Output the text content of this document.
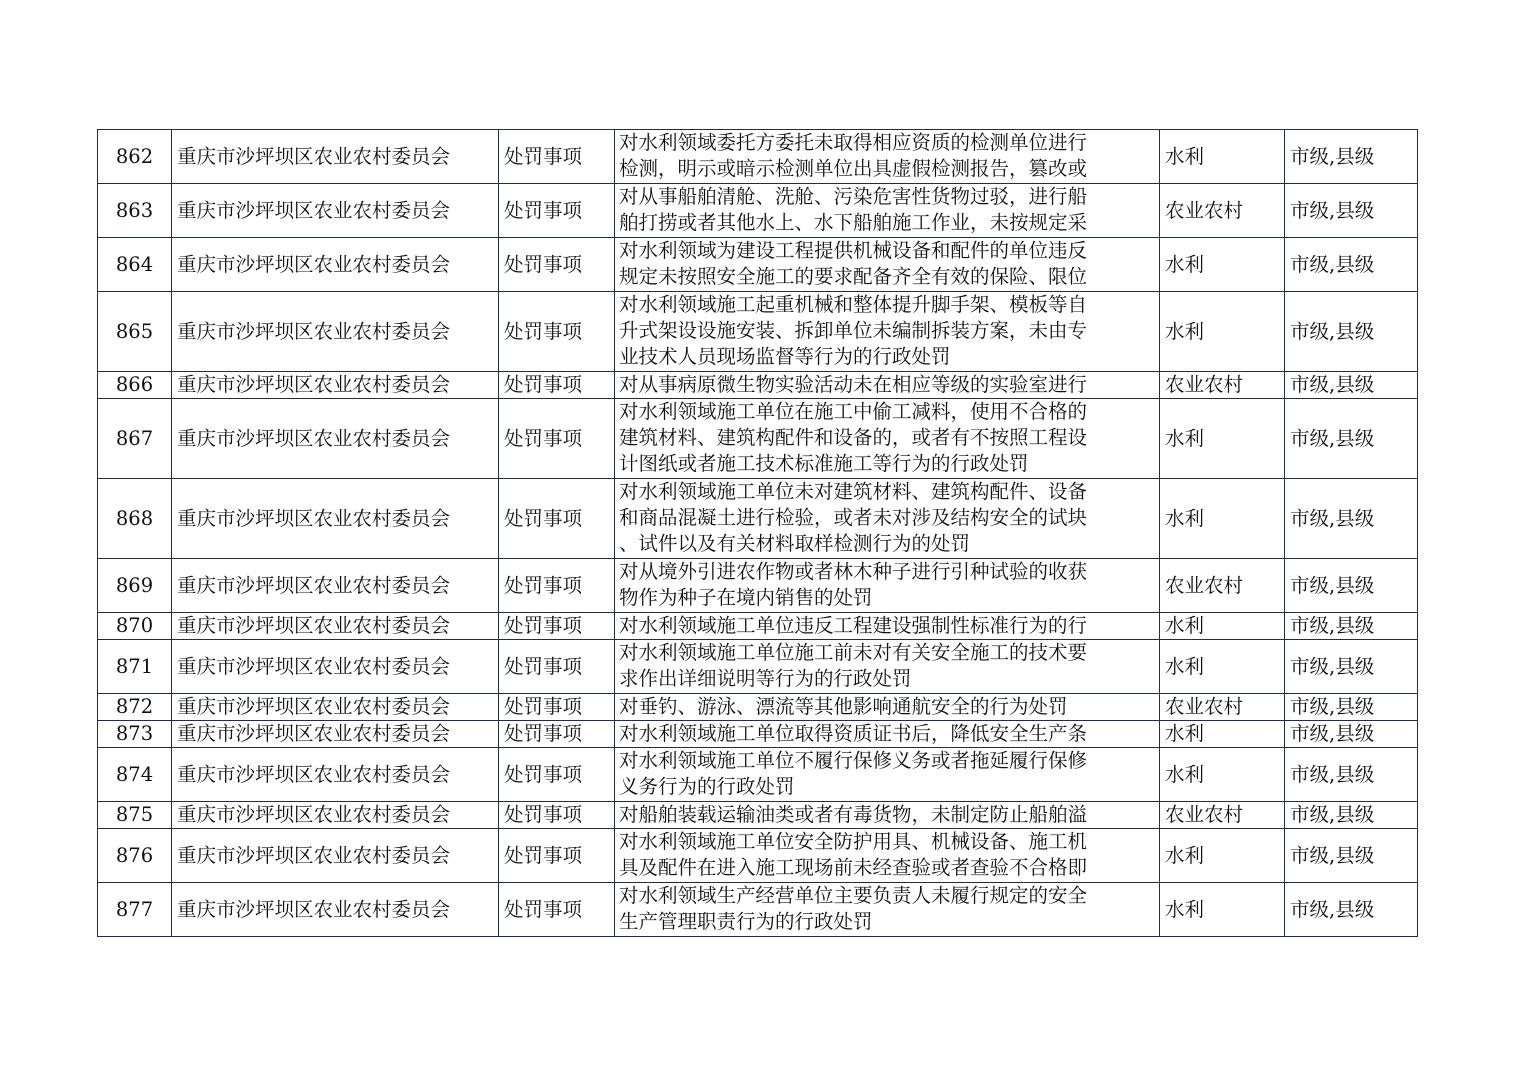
862	重庆市沙坪坝区农业农村委员会	处罚事项	对水利领域委托方委托未取得相应资质的检测单位进行
检测，明示或暗示检测单位出具虚假检测报告，篡改或	水利	市级,县级
863	重庆市沙坪坝区农业农村委员会	处罚事项	对从事船舶清舱、洗舱、污染危害性货物过驳，进行船
舶打捞或者其他水上、水下船舶施工作业，未按规定采	农业农村	市级,县级
864	重庆市沙坪坝区农业农村委员会	处罚事项	对水利领域为建设工程提供机械设备和配件的单位违反
规定未按照安全施工的要求配备齐全有效的保险、限位	水利	市级,县级
865	重庆市沙坪坝区农业农村委员会	处罚事项	对水利领域施工起重机械和整体提升脚手架、模板等自
升式架设设施安装、拆卸单位未编制拆装方案，未由专
业技术人员现场监督等行为的行政处罚	水利	市级,县级
866	重庆市沙坪坝区农业农村委员会	处罚事项	对从事病原微生物实验活动未在相应等级的实验室进行	农业农村	市级,县级
867	重庆市沙坪坝区农业农村委员会	处罚事项	对水利领域施工单位在施工中偷工减料，使用不合格的
建筑材料、建筑构配件和设备的，或者有不按照工程设
计图纸或者施工技术标准施工等行为的行政处罚	水利	市级,县级
868	重庆市沙坪坝区农业农村委员会	处罚事项	对水利领域施工单位未对建筑材料、建筑构配件、设备
和商品混凝土进行检验，或者未对涉及结构安全的试块
、试件以及有关材料取样检测行为的处罚	水利	市级,县级
869	重庆市沙坪坝区农业农村委员会	处罚事项	对从境外引进农作物或者林木种子进行引种试验的收获
物作为种子在境内销售的处罚	农业农村	市级,县级
870	重庆市沙坪坝区农业农村委员会	处罚事项	对水利领域施工单位违反工程建设强制性标准行为的行	水利	市级,县级
871	重庆市沙坪坝区农业农村委员会	处罚事项	对水利领域施工单位施工前未对有关安全施工的技术要
求作出详细说明等行为的行政处罚	水利	市级,县级
872	重庆市沙坪坝区农业农村委员会	处罚事项	对垂钓、游泳、漂流等其他影响通航安全的行为处罚	农业农村	市级,县级
873	重庆市沙坪坝区农业农村委员会	处罚事项	对水利领域施工单位取得资质证书后，降低安全生产条	水利	市级,县级
874	重庆市沙坪坝区农业农村委员会	处罚事项	对水利领域施工单位不履行保修义务或者拖延履行保修
义务行为的行政处罚	水利	市级,县级
875	重庆市沙坪坝区农业农村委员会	处罚事项	对船舶装载运输油类或者有毒货物，未制定防止船舶溢	农业农村	市级,县级
876	重庆市沙坪坝区农业农村委员会	处罚事项	对水利领域施工单位安全防护用具、机械设备、施工机
具及配件在进入施工现场前未经查验或者查验不合格即	水利	市级,县级
877	重庆市沙坪坝区农业农村委员会	处罚事项	对水利领域生产经营单位主要负责人未履行规定的安全
生产管理职责行为的行政处罚	水利	市级,县级
